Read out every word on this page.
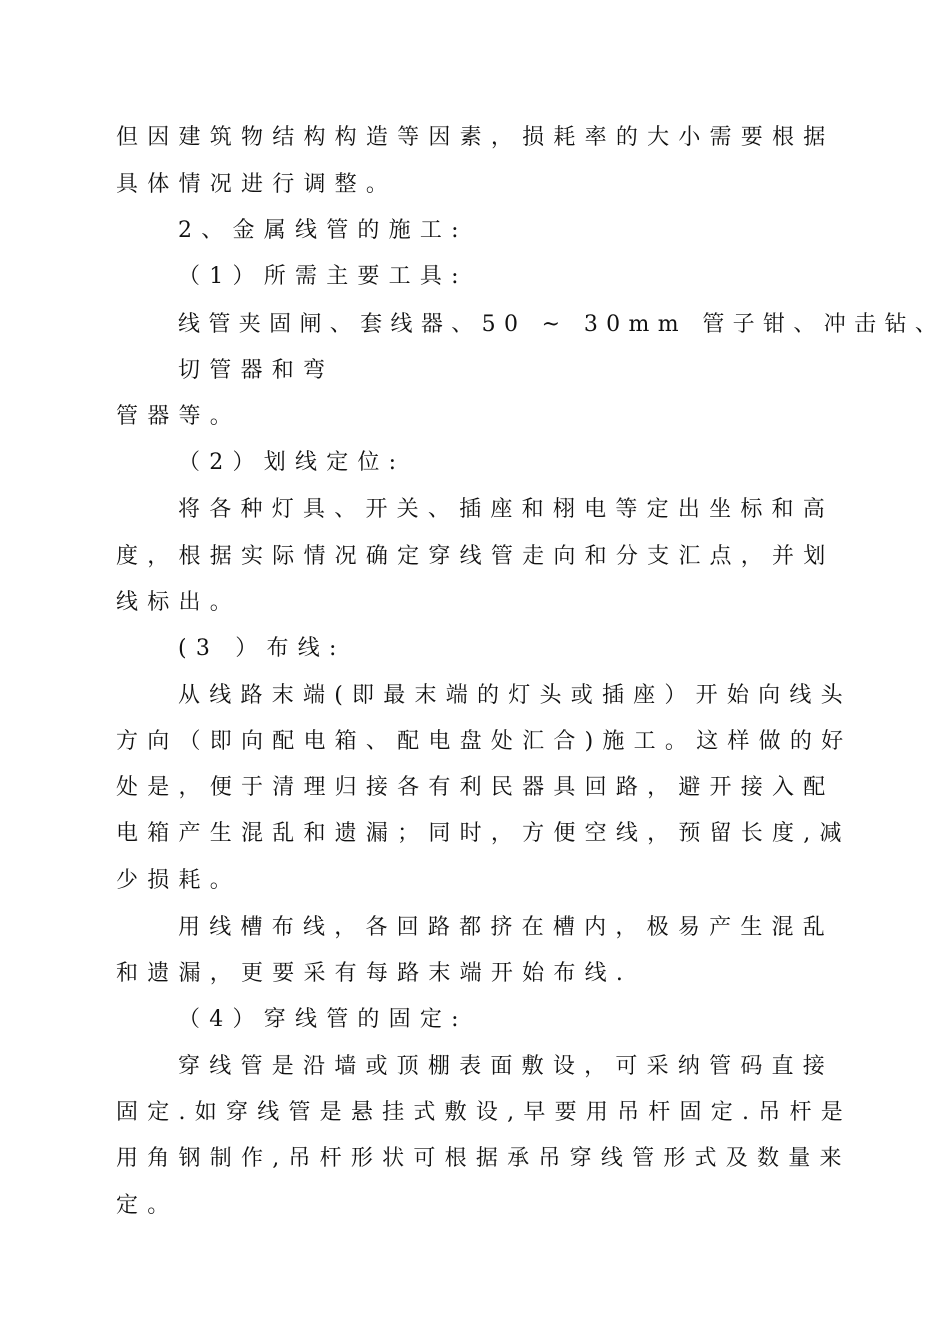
但因建筑物结构构造等因素，损耗率的大小需要根据
具体情况进行调整。
2、金属线管的施工:
（1）所需主要工具:
线管夹固闸、套线器、50 ~ 30mm 管子钳、冲击钻、
切管器和弯
管器等。
（2）划线定位:
将各种灯具、开关、插座和栩电等定出坐标和高
度，根据实际情况确定穿线管走向和分支汇点，并划
线标出。
(3 ）布线:
从线路末端(即最末端的灯头或插座）开始向线头
方向（即向配电箱、配电盘处汇合)施工。这样做的好
处是，便于清理归接各有利民器具回路，避开接入配
电箱产生混乱和遗漏；同时，方便空线，预留长度,减
少损耗。
用线槽布线，各回路都挤在槽内，极易产生混乱
和遗漏，更要采有每路末端开始布线.
（4）穿线管的固定:
穿线管是沿墙或顶棚表面敷设，可采纳管码直接
固定.如穿线管是悬挂式敷设,早要用吊杆固定.吊杆是
用角钢制作,吊杆形状可根据承吊穿线管形式及数量来
定。
